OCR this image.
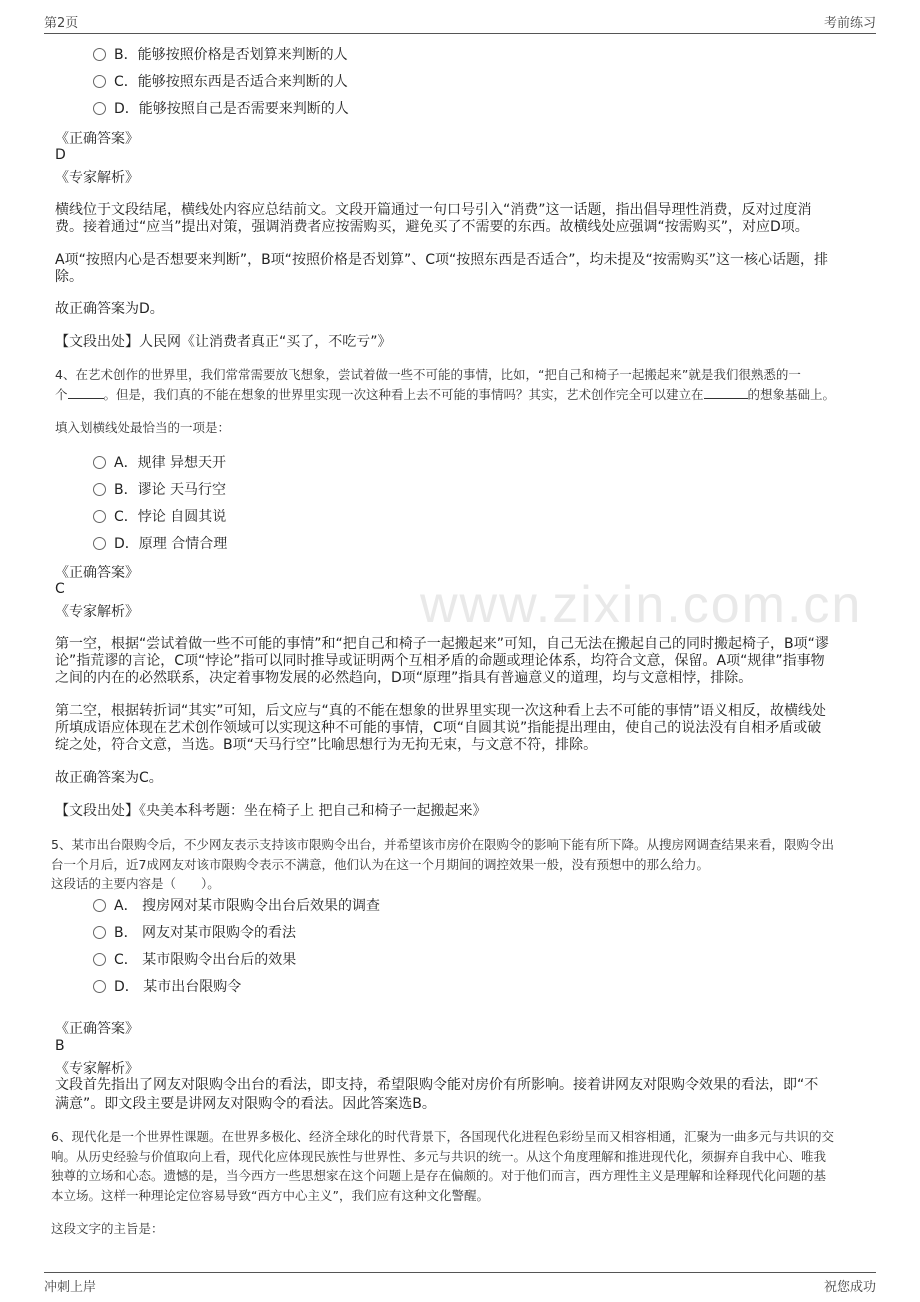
www.zixin.com.cn
第2页	考前练习
B．能够按照价格是否划算来判断的人
C．能够按照东西是否适合来判断的人
D．能够按照自己是否需要来判断的人
《正确答案》
D
《专家解析》
横线位于文段结尾，横线处内容应总结前文。文段开篇通过一句口号引入“消费”这一话题，指出倡导理性消费，反对过度消
费。接着通过“应当”提出对策，强调消费者应按需购买，避免买了不需要的东西。故横线处应强调“按需购买”，对应D项。
A项“按照内心是否想要来判断”，B项“按照价格是否划算”、C项“按照东西是否适合”，均未提及“按需购买”这一核心话题，排
除。
故正确答案为D。
【文段出处】人民网《让消费者真正“买了，不吃亏”》
4、在艺术创作的世界里，我们常常需要放飞想象，尝试着做一些不可能的事情，比如，“把自己和椅子一起搬起来”就是我们很熟悉的一
个	。但是，我们真的不能在想象的世界里实现一次这种看上去不可能的事情吗？其实，艺术创作完全可以建立在	的想象基础上。
填入划横线处最恰当的一项是：
A．规律 异想天开
B．谬论 天马行空
C．悖论 自圆其说
D．原理 合情合理
《正确答案》
C
《专家解析》
第一空，根据“尝试着做一些不可能的事情”和“把自己和椅子一起搬起来”可知，自己无法在搬起自己的同时搬起椅子，B项“谬
论”指荒谬的言论，C项“悖论”指可以同时推导或证明两个互相矛盾的命题或理论体系，均符合文意，保留。A项“规律”指事物
之间的内在的必然联系，决定着事物发展的必然趋向，D项“原理”指具有普遍意义的道理，均与文意相悖，排除。
第二空，根据转折词“其实”可知，后文应与“真的不能在想象的世界里实现一次这种看上去不可能的事情”语义相反，故横线处
所填成语应体现在艺术创作领域可以实现这种不可能的事情，C项“自圆其说”指能提出理由，使自己的说法没有自相矛盾或破
绽之处，符合文意，当选。B项“天马行空”比喻思想行为无拘无束，与文意不符，排除。
故正确答案为C。
【文段出处】《央美本科考题：坐在椅子上 把自己和椅子一起搬起来》
5、某市出台限购令后，不少网友表示支持该市限购令出台，并希望该市房价在限购令的影响下能有所下降。从搜房网调查结果来看，限购令出
台一个月后，近7成网友对该市限购令表示不满意，他们认为在这一个月期间的调控效果一般，没有预想中的那么给力。
这段话的主要内容是（　　）。
A． 搜房网对某市限购令出台后效果的调查
B． 网友对某市限购令的看法
C． 某市限购令出台后的效果
D． 某市出台限购令
《正确答案》
B
《专家解析》
文段首先指出了网友对限购令出台的看法，即支持，希望限购令能对房价有所影响。接着讲网友对限购令效果的看法，即“不
满意”。即文段主要是讲网友对限购令的看法。因此答案选B。
6、现代化是一个世界性课题。在世界多极化、经济全球化的时代背景下，各国现代化进程色彩纷呈而又相容相通，汇聚为一曲多元与共识的交
响。从历史经验与价值取向上看，现代化应体现民族性与世界性、多元与共识的统一。从这个角度理解和推进现代化，须摒弃自我中心、唯我
独尊的立场和心态。遗憾的是，当今西方一些思想家在这个问题上是存在偏颇的。对于他们而言，西方理性主义是理解和诠释现代化问题的基
本立场。这样一种理论定位容易导致“西方中心主义”，我们应有这种文化警醒。
这段文字的主旨是：
冲刺上岸	祝您成功
